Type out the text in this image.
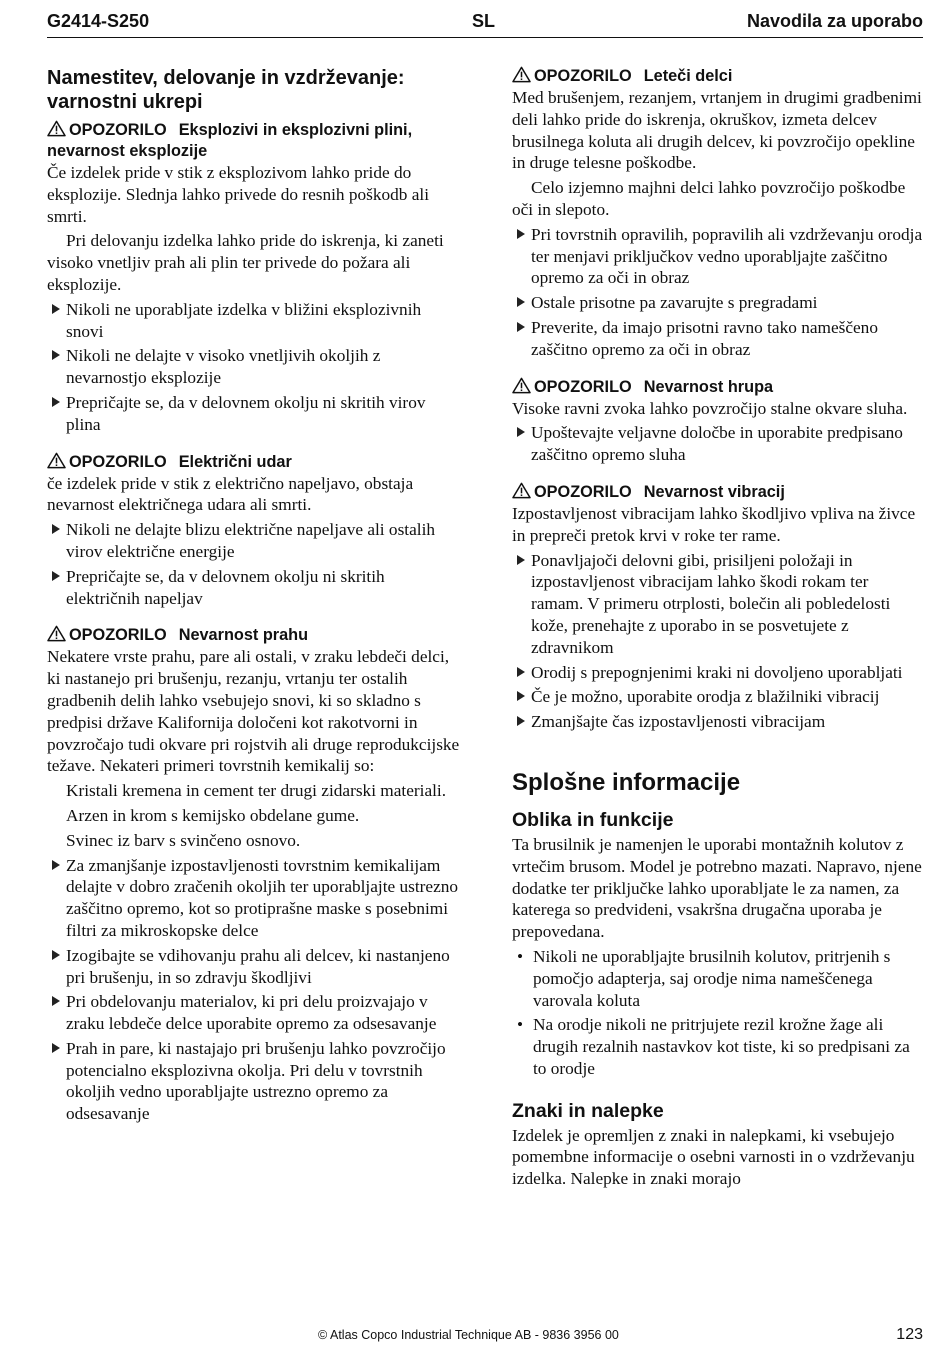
G2414-S250	SL	Navodila za uporabo
Namestitev, delovanje in vzdrževanje: varnostni ukrepi
OPOZORILO Eksplozivi in eksplozivni plini, nevarnost eksplozije

Če izdelek pride v stik z eksplozivom lahko pride do eksplozije. Slednja lahko privede do resnih poškodb ali smrti.

Pri delovanju izdelka lahko pride do iskrenja, ki zaneti visoko vnetljiv prah ali plin ter privede do požara ali eksplozije.

Nikoli ne uporabljate izdelka v bližini eksplozivnih snovi
Nikoli ne delajte v visoko vnetljivih okoljih z nevarnostjo eksplozije
Prepričajte se, da v delovnem okolju ni skritih virov plina
OPOZORILO Električni udar

če izdelek pride v stik z električno napeljavo, obstaja nevarnost električnega udara ali smrti.

Nikoli ne delajte blizu električne napeljave ali ostalih virov električne energije
Prepričajte se, da v delovnem okolju ni skritih električnih napeljav
OPOZORILO Nevarnost prahu

Nekatere vrste prahu, pare ali ostali, v zraku lebdeči delci, ki nastanejo pri brušenju, rezanju, vrtanju ter ostalih gradbenih delih lahko vsebujejo snovi, ki so skladno s predpisi države Kalifornija določeni kot rakotvorni in povzročajo tudi okvare pri rojstvih ali druge reprodukcijske težave. Nekateri primeri tovrstnih kemikalij so:

Kristali kremena in cement ter drugi zidarski materiali.

Arzen in krom s kemijsko obdelane gume.

Svinec iz barv s svinčeno osnovo.

Za zmanjšanje izpostavljenosti tovrstnim kemikalijam delajte v dobro zračenih okoljih ter uporabljajte ustrezno zaščitno opremo, kot so protiprašne maske s posebnimi filtri za mikroskopske delce
Izogibajte se vdihovanju prahu ali delcev, ki nastanjeno pri brušenju, in so zdravju škodljivi
Pri obdelovanju materialov, ki pri delu proizvajajo v zraku lebdeče delce uporabite opremo za odsesavanje
Prah in pare, ki nastajajo pri brušenju lahko povzročijo potencialno eksplozivna okolja. Pri delu v tovrstnih okoljih vedno uporabljajte ustrezno opremo za odsesavanje
OPOZORILO Leteči delci

Med brušenjem, rezanjem, vrtanjem in drugimi gradbenimi deli lahko pride do iskrenja, okruškov, izmeta delcev brusilnega koluta ali drugih delcev, ki povzročijo opekline in druge telesne poškodbe.

Celo izjemno majhni delci lahko povzročijo poškodbe oči in slepoto.

Pri tovrstnih opravilih, popravilih ali vzdrževanju orodja ter menjavi priključkov vedno uporabljajte zaščitno opremo za oči in obraz
Ostale prisotne pa zavarujte s pregradami
Preverite, da imajo prisotni ravno tako nameščeno zaščitno opremo za oči in obraz
OPOZORILO Nevarnost hrupa

Visoke ravni zvoka lahko povzročijo stalne okvare sluha.

Upoštevajte veljavne določbe in uporabite predpisano zaščitno opremo sluha
OPOZORILO Nevarnost vibracij

Izpostavljenost vibracijam lahko škodljivo vpliva na živce in prepreči pretok krvi v roke ter rame.

Ponavljajoči delovni gibi, prisiljeni položaji in izpostavljenost vibracijam lahko škodi rokam ter ramam. V primeru otrplosti, bolečin ali pobledelosti kože, prenehajte z uporabo in se posvetujete z zdravnikom
Orodij s prepognjenimi kraki ni dovoljeno uporabljati
Če je možno, uporabite orodja z blažilniki vibracij
Zmanjšajte čas izpostavljenosti vibracijam
Splošne informacije
Oblika in funkcije

Ta brusilnik je namenjen le uporabi montažnih kolutov z vrtečim brusom. Model je potrebno mazati. Napravo, njene dodatke ter priključke lahko uporabljate le za namen, za katerega so predvideni, vsakršna drugačna uporaba je prepovedana.

• Nikoli ne uporabljajte brusilnih kolutov, pritrjenih s pomočjo adapterja, saj orodje nima nameščenega varovala koluta
• Na orodje nikoli ne pritrjujete rezil krožne žage ali drugih rezalnih nastavkov kot tiste, ki so predpisani za to orodje
Znaki in nalepke

Izdelek je opremljen z znaki in nalepkami, ki vsebujejo pomembne informacije o osebni varnosti in o vzdrževanju izdelka. Nalepke in znaki morajo

© Atlas Copco Industrial Technique AB - 9836 3956 00	123
